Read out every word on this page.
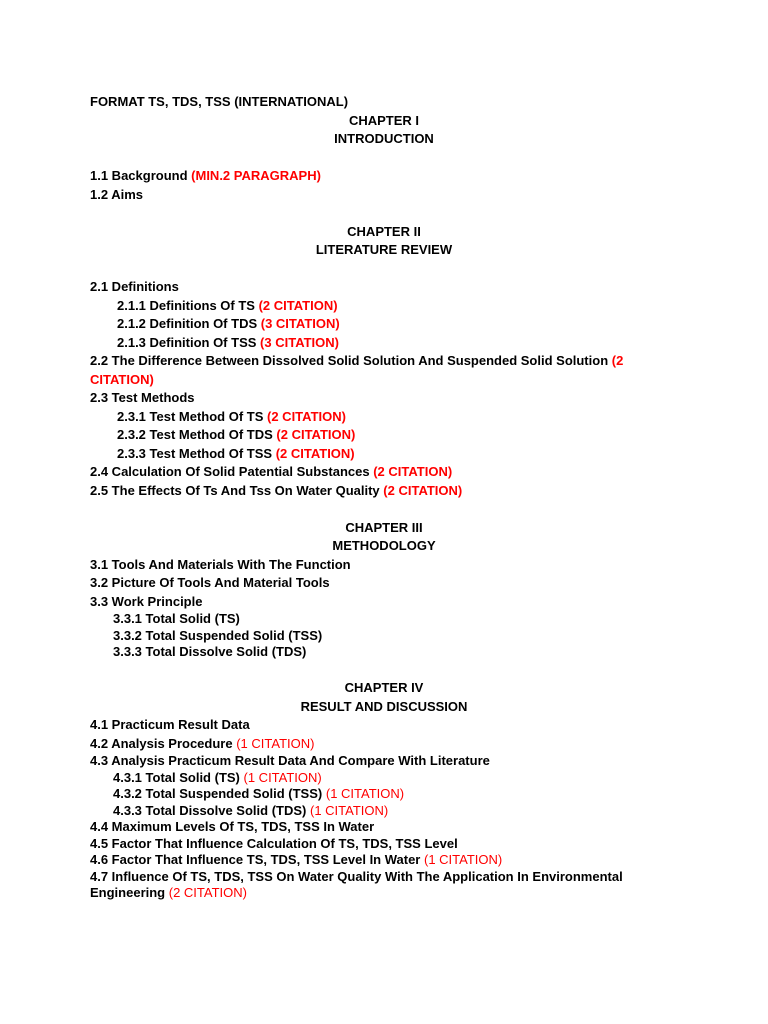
FORMAT TS, TDS, TSS (INTERNATIONAL)
CHAPTER I
INTRODUCTION
1.1 Background (MIN.2 PARAGRAPH)
1.2 Aims
CHAPTER II
LITERATURE REVIEW
2.1 Definitions
2.1.1 Definitions Of TS (2 CITATION)
2.1.2 Definition Of TDS (3 CITATION)
2.1.3 Definition Of TSS (3 CITATION)
2.2 The Difference Between Dissolved Solid Solution And Suspended Solid Solution (2 CITATION)
2.3 Test Methods
2.3.1 Test Method Of TS (2 CITATION)
2.3.2 Test Method Of TDS (2 CITATION)
2.3.3 Test Method Of TSS (2 CITATION)
2.4 Calculation Of Solid Patential Substances (2 CITATION)
2.5 The Effects Of Ts And Tss On Water Quality (2 CITATION)
CHAPTER III
METHODOLOGY
3.1 Tools And Materials With The Function
3.2 Picture Of Tools And Material Tools
3.3 Work Principle
3.3.1 Total Solid (TS)
3.3.2 Total Suspended Solid (TSS)
3.3.3 Total Dissolve Solid (TDS)
CHAPTER IV
RESULT AND DISCUSSION
4.1 Practicum Result Data
4.2 Analysis Procedure (1 CITATION)
4.3 Analysis Practicum Result Data And Compare With Literature
4.3.1 Total Solid (TS) (1 CITATION)
4.3.2 Total Suspended Solid (TSS) (1 CITATION)
4.3.3 Total Dissolve Solid (TDS) (1 CITATION)
4.4 Maximum Levels Of TS, TDS, TSS In Water
4.5 Factor That Influence Calculation Of TS, TDS, TSS Level
4.6 Factor That Influence TS, TDS, TSS Level In Water (1 CITATION)
4.7 Influence Of TS, TDS, TSS On Water Quality With The Application In Environmental Engineering (2 CITATION)
